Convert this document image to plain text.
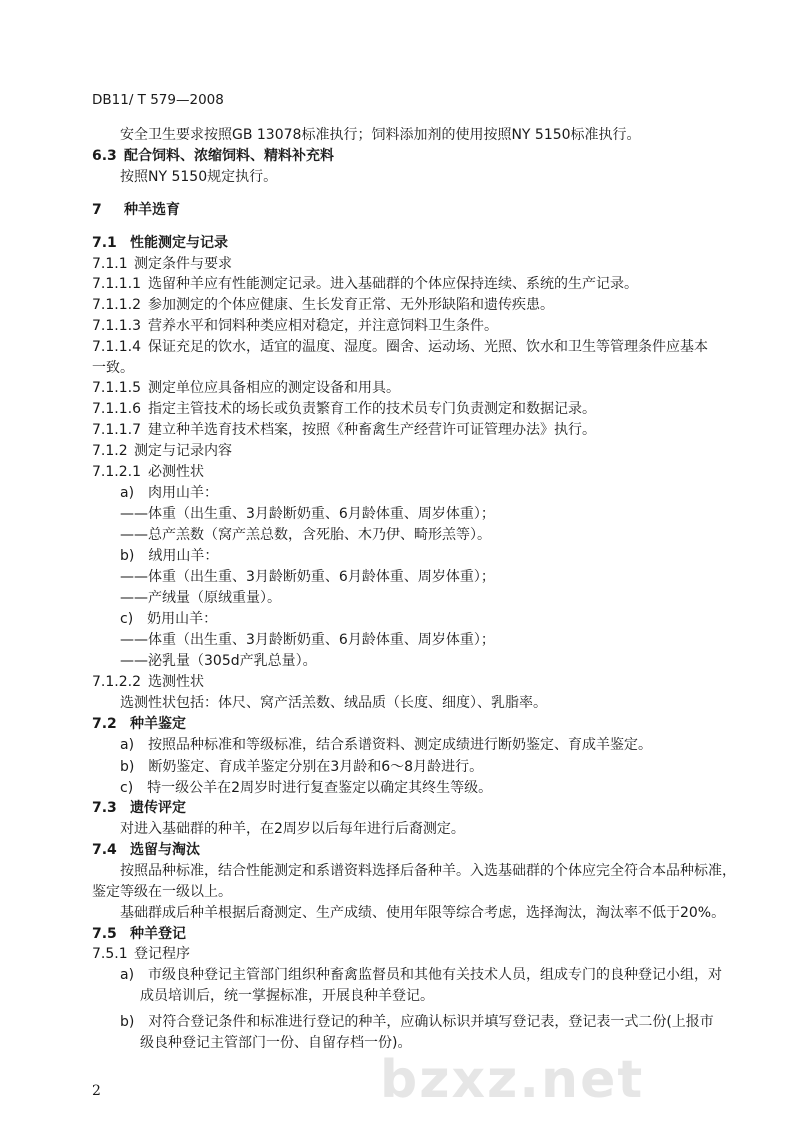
DB11/ T 579—2008
安全卫生要求按照GB 13078标准执行；饲料添加剂的使用按照NY 5150标准执行。
6.3 配合饲料、浓缩饲料、精料补充料
按照NY 5150规定执行。
7 种羊选育
7.1 性能测定与记录
7.1.1 测定条件与要求
7.1.1.1 选留种羊应有性能测定记录。进入基础群的个体应保持连续、系统的生产记录。
7.1.1.2 参加测定的个体应健康、生长发育正常、无外形缺陷和遗传疾患。
7.1.1.3 营养水平和饲料种类应相对稳定，并注意饲料卫生条件。
7.1.1.4 保证充足的饮水，适宜的温度、湿度。圈舍、运动场、光照、饮水和卫生等管理条件应基本
一致。
7.1.1.5 测定单位应具备相应的测定设备和用具。
7.1.1.6 指定主管技术的场长或负责繁育工作的技术员专门负责测定和数据记录。
7.1.1.7 建立种羊选育技术档案，按照《种畜禽生产经营许可证管理办法》执行。
7.1.2 测定与记录内容
7.1.2.1 必测性状
a)　肉用山羊：
——体重（出生重、3月龄断奶重、6月龄体重、周岁体重）；
——总产羔数（窝产羔总数，含死胎、木乃伊、畸形羔等）。
b)　绒用山羊：
——体重（出生重、3月龄断奶重、6月龄体重、周岁体重）；
——产绒量（原绒重量）。
c)　奶用山羊：
——体重（出生重、3月龄断奶重、6月龄体重、周岁体重）；
——泌乳量（305d产乳总量）。
7.1.2.2 选测性状
选测性状包括：体尺、窝产活羔数、绒品质（长度、细度）、乳脂率。
7.2 种羊鉴定
a)　按照品种标准和等级标准，结合系谱资料、测定成绩进行断奶鉴定、育成羊鉴定。
b)　断奶鉴定、育成羊鉴定分别在3月龄和6～8月龄进行。
c)　特一级公羊在2周岁时进行复查鉴定以确定其终生等级。
7.3 遗传评定
对进入基础群的种羊，在2周岁以后每年进行后裔测定。
7.4 选留与淘汰
按照品种标准，结合性能测定和系谱资料选择后备种羊。入选基础群的个体应完全符合本品种标准，
鉴定等级在一级以上。
基础群成后种羊根据后裔测定、生产成绩、使用年限等综合考虑，选择淘汰，淘汰率不低于20%。
7.5 种羊登记
7.5.1 登记程序
a)　市级良种登记主管部门组织种畜禽监督员和其他有关技术人员，组成专门的良种登记小组，对
成员培训后，统一掌握标准，开展良种羊登记。
b)　对符合登记条件和标准进行登记的种羊，应确认标识并填写登记表，登记表一式二份(上报市
级良种登记主管部门一份、自留存档一份)。
2	bzxz.net
